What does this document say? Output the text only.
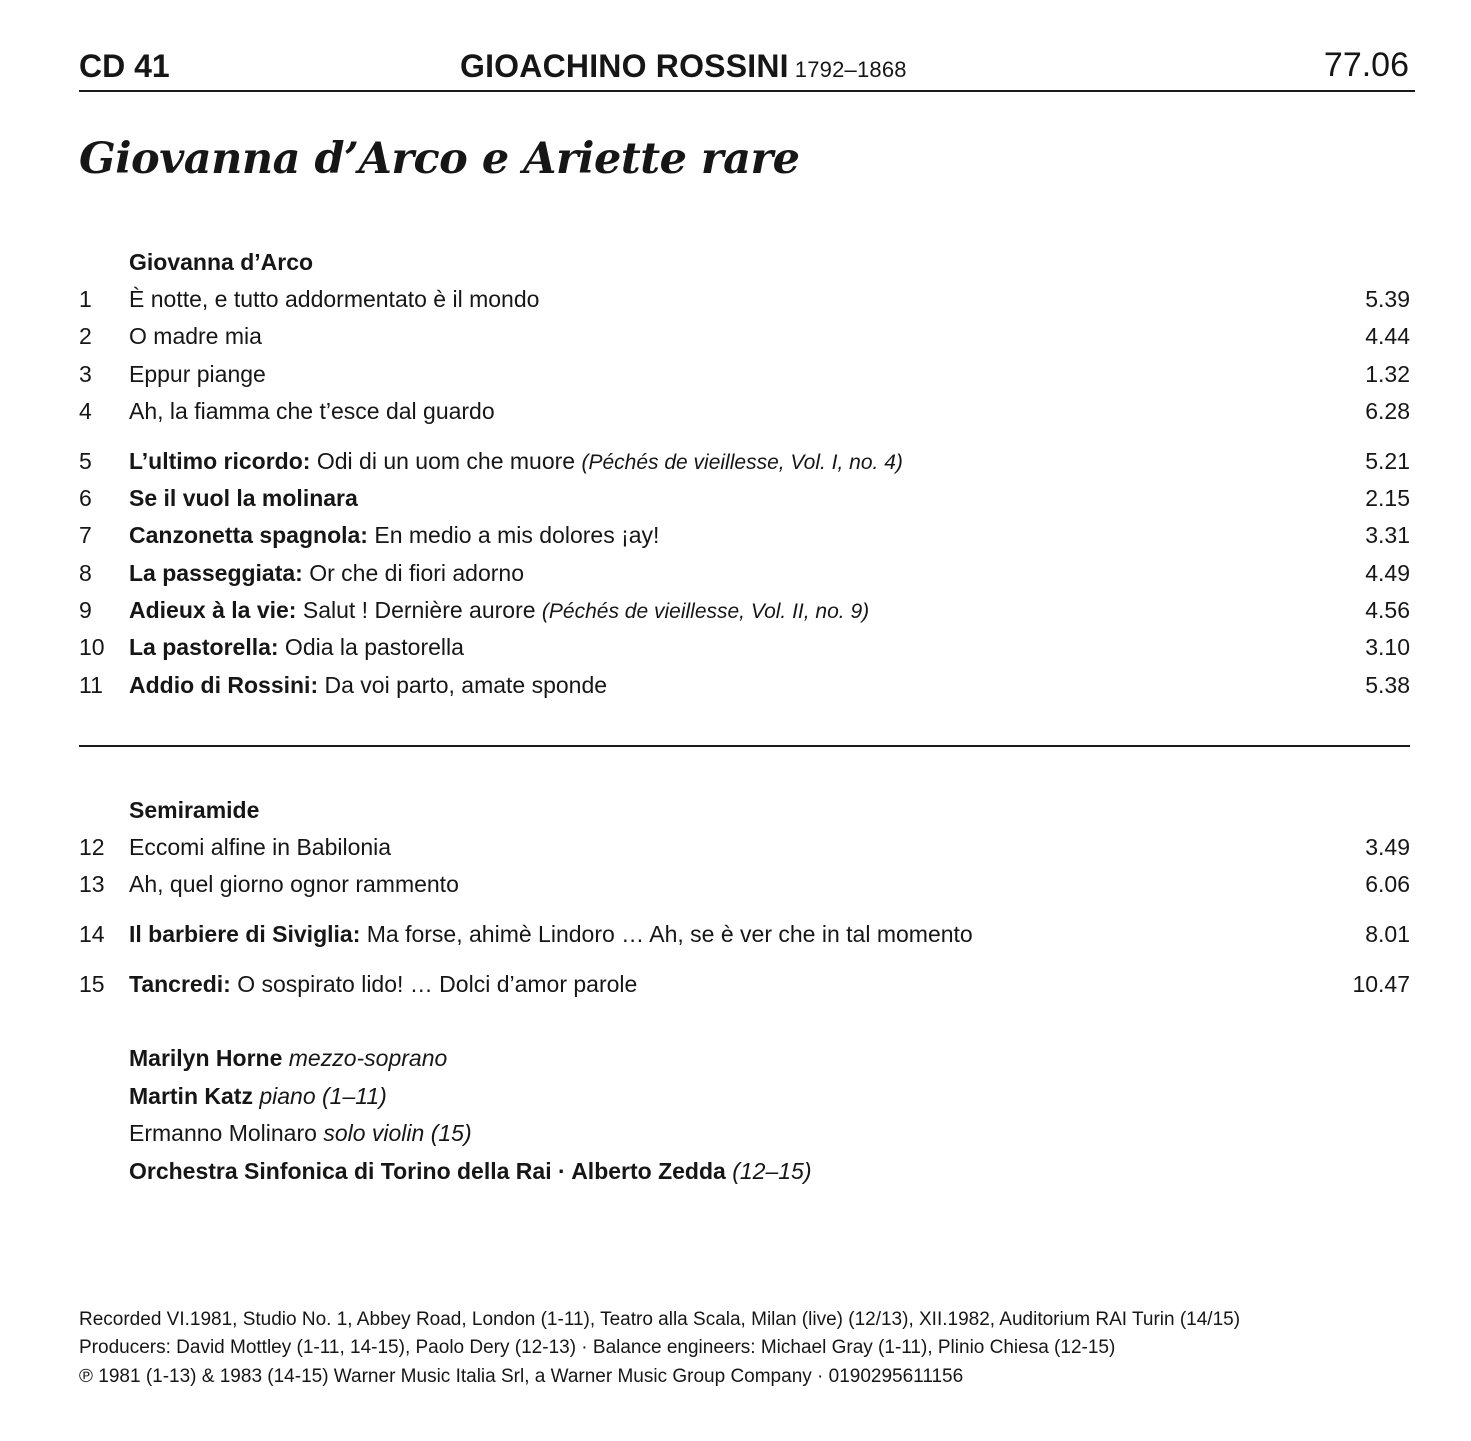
CD 41	GIOACHINO ROSSINI 1792–1868	77.06
Giovanna d’Arco e Ariette rare
Giovanna d’Arco
1 È notte, e tutto addormentato è il mondo	5.39
2 O madre mia	4.44
3 Eppur piange	1.32
4 Ah, la fiamma che t’esce dal guardo	6.28
5 L’ultimo ricordo: Odi di un uom che muore (Péchés de vieillesse, Vol. I, no. 4)	5.21
6 Se il vuol la molinara	2.15
7 Canzonetta spagnola: En medio a mis dolores ¡ay!	3.31
8 La passeggiata: Or che di fiori adorno	4.49
9 Adieux à la vie: Salut ! Dernière aurore (Péchés de vieillesse, Vol. II, no. 9)	4.56
10 La pastorella: Odia la pastorella	3.10
11 Addio di Rossini: Da voi parto, amate sponde	5.38
Semiramide
12 Eccomi alfine in Babilonia	3.49
13 Ah, quel giorno ognor rammento	6.06
14 Il barbiere di Siviglia: Ma forse, ahimè Lindoro … Ah, se è ver che in tal momento	8.01
15 Tancredi: O sospirato lido! … Dolci d’amor parole	10.47
Marilyn Horne mezzo-soprano
Martin Katz piano (1–11)
Ermanno Molinaro solo violin (15)
Orchestra Sinfonica di Torino della Rai · Alberto Zedda (12–15)
Recorded VI.1981, Studio No. 1, Abbey Road, London (1-11), Teatro alla Scala, Milan (live) (12/13), XII.1982, Auditorium RAI Turin (14/15)
Producers: David Mottley (1-11, 14-15), Paolo Dery (12-13) · Balance engineers: Michael Gray (1-11), Plinio Chiesa (12-15)
℗ 1981 (1-13) & 1983 (14-15) Warner Music Italia Srl, a Warner Music Group Company · 0190295611156
